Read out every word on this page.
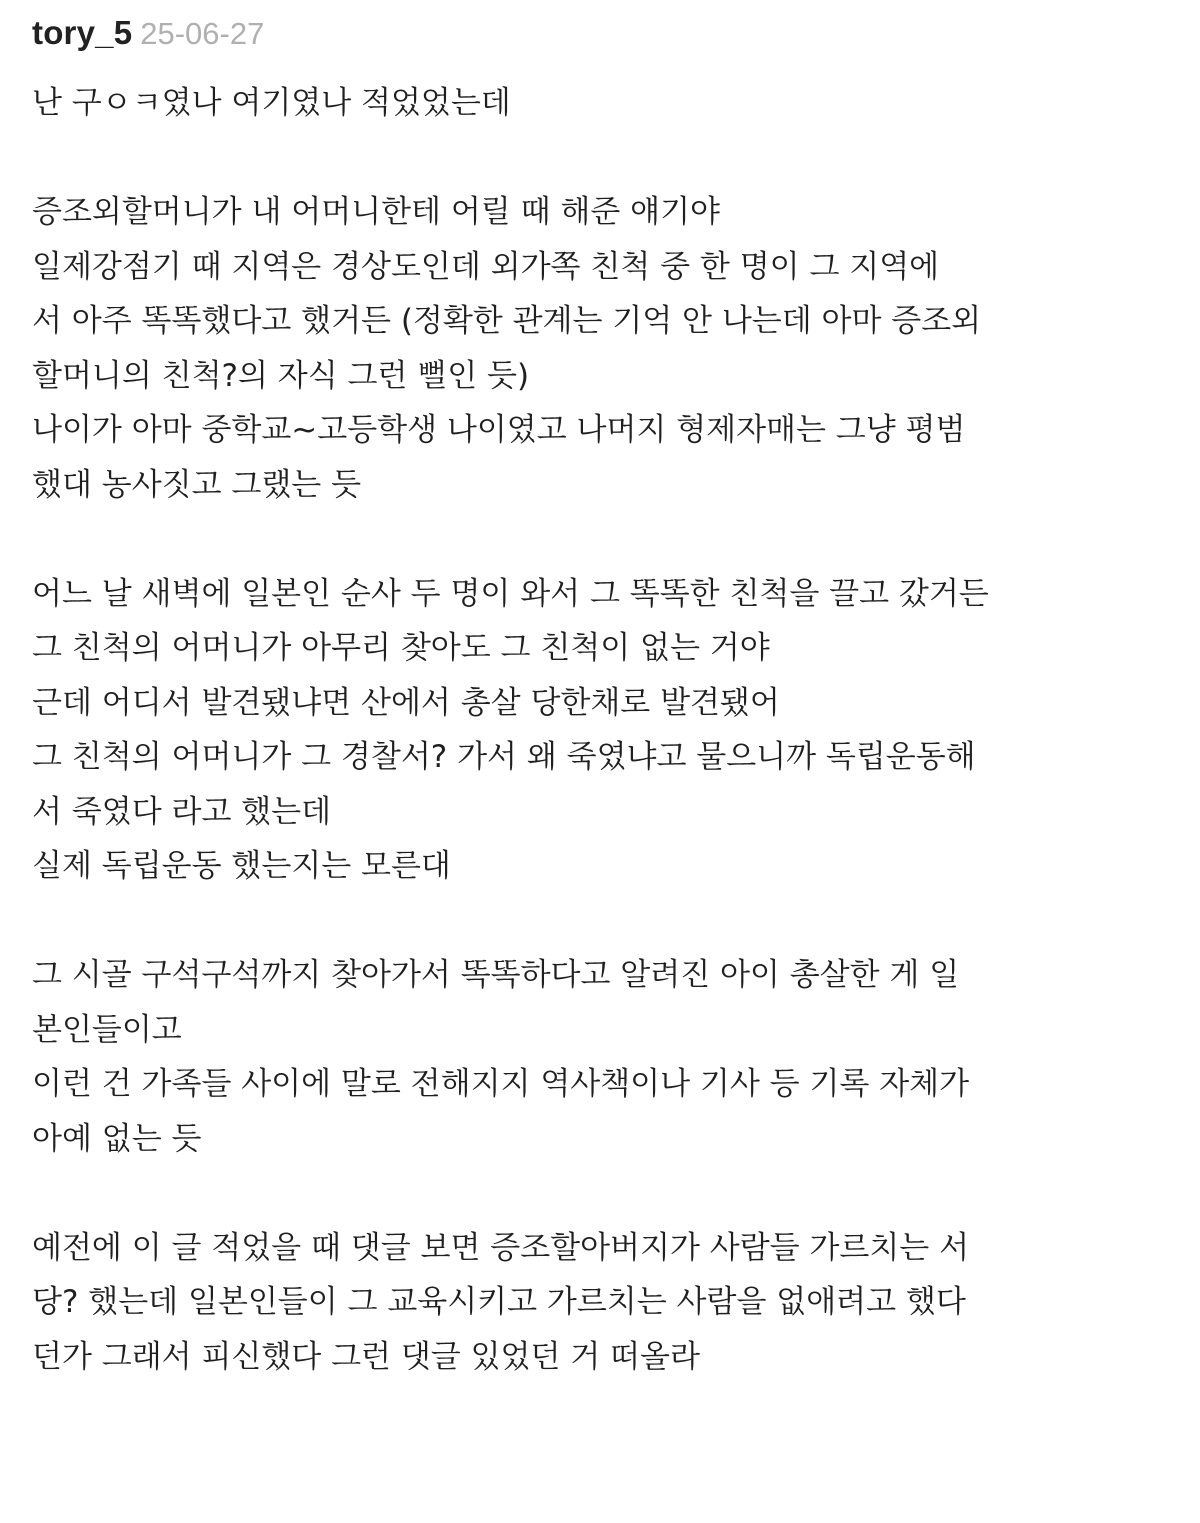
tory_5 25-06-27
난 구ㅇㅋ였나 여기였나 적었었는데
증조외할머니가 내 어머니한테 어릴 때 해준 얘기야
일제강점기 때 지역은 경상도인데 외가쪽 친척 중 한 명이 그 지역에
서 아주 똑똑했다고 했거든 (정확한 관계는 기억 안 나는데 아마 증조외
할머니의 친척?의 자식 그런 뻘인 듯)
나이가 아마 중학교~고등학생 나이였고 나머지 형제자매는 그냥 평범
했대 농사짓고 그랬는 듯
어느 날 새벽에 일본인 순사 두 명이 와서 그 똑똑한 친척을 끌고 갔거든
그 친척의 어머니가 아무리 찾아도 그 친척이 없는 거야
근데 어디서 발견됐냐면 산에서 총살 당한채로 발견됐어
그 친척의 어머니가 그 경찰서? 가서 왜 죽였냐고 물으니까 독립운동해
서 죽였다 라고 했는데
실제 독립운동 했는지는 모른대
그 시골 구석구석까지 찾아가서 똑똑하다고 알려진 아이 총살한 게 일
본인들이고
이런 건 가족들 사이에 말로 전해지지 역사책이나 기사 등 기록 자체가
아예 없는 듯
예전에 이 글 적었을 때 댓글 보면 증조할아버지가 사람들 가르치는 서
당? 했는데 일본인들이 그 교육시키고 가르치는 사람을 없애려고 했다
던가 그래서 피신했다 그런 댓글 있었던 거 떠올라
